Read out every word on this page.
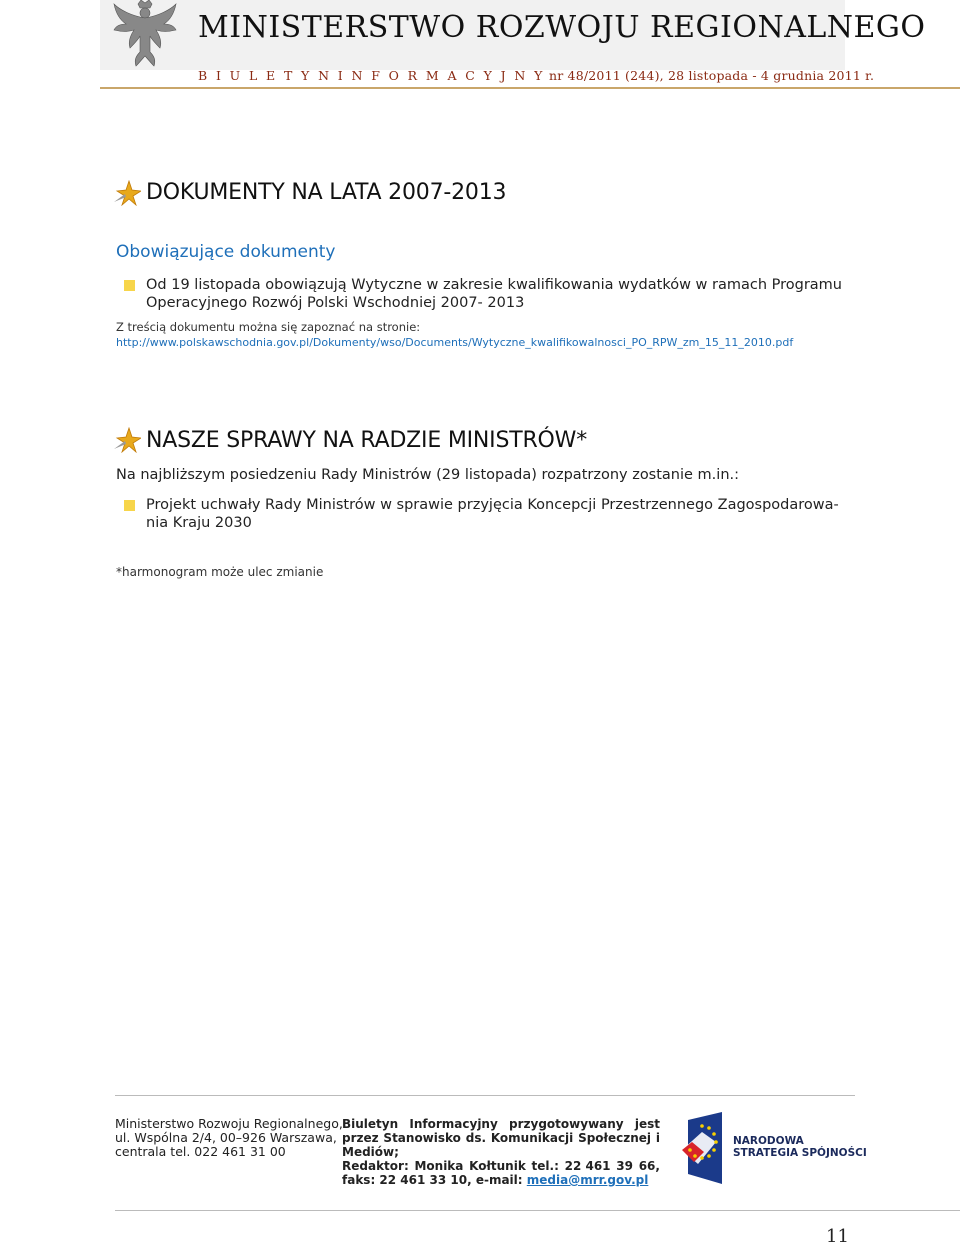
MINISTERSTWO ROZWOJU REGIONALNEGO
B I U L E T Y N I N F O R M A C Y J N Y nr 48/2011 (244), 28 listopada - 4 grudnia 2011 r.
DOKUMENTY NA LATA 2007-2013
Obowiązujące dokumenty
Od 19 listopada obowiązują Wytyczne w zakresie kwalifikowania wydatków w ramach Programu
Operacyjnego Rozwój Polski Wschodniej 2007- 2013
Z treścią dokumentu można się zapoznać na stronie:
http://www.polskawschodnia.gov.pl/Dokumenty/wso/Documents/Wytyczne_kwalifikowalnosci_PO_RPW_zm_15_11_2010.pdf
NASZE SPRAWY NA RADZIE MINISTRÓW*
Na najbliższym posiedzeniu Rady Ministrów (29 listopada) rozpatrzony zostanie m.in.:
Projekt uchwały Rady Ministrów w sprawie przyjęcia Koncepcji Przestrzennego Zagospodarowa-
nia Kraju 2030
*harmonogram może ulec zmianie
Ministerstwo Rozwoju Regionalnego,
ul. Wspólna 2/4, 00–926 Warszawa,
centrala tel. 022 461 31 00
Biuletyn Informacyjny przygotowywany jest
przez Stanowisko ds. Komunikacji Społecznej i
Mediów;
Redaktor: Monika Kołtunik tel.: 22 461 39 66,
faks: 22 461 33 10, e-mail: media@mrr.gov.pl
NARODOWA
STRATEGIA SPÓJNOŚCI
11
